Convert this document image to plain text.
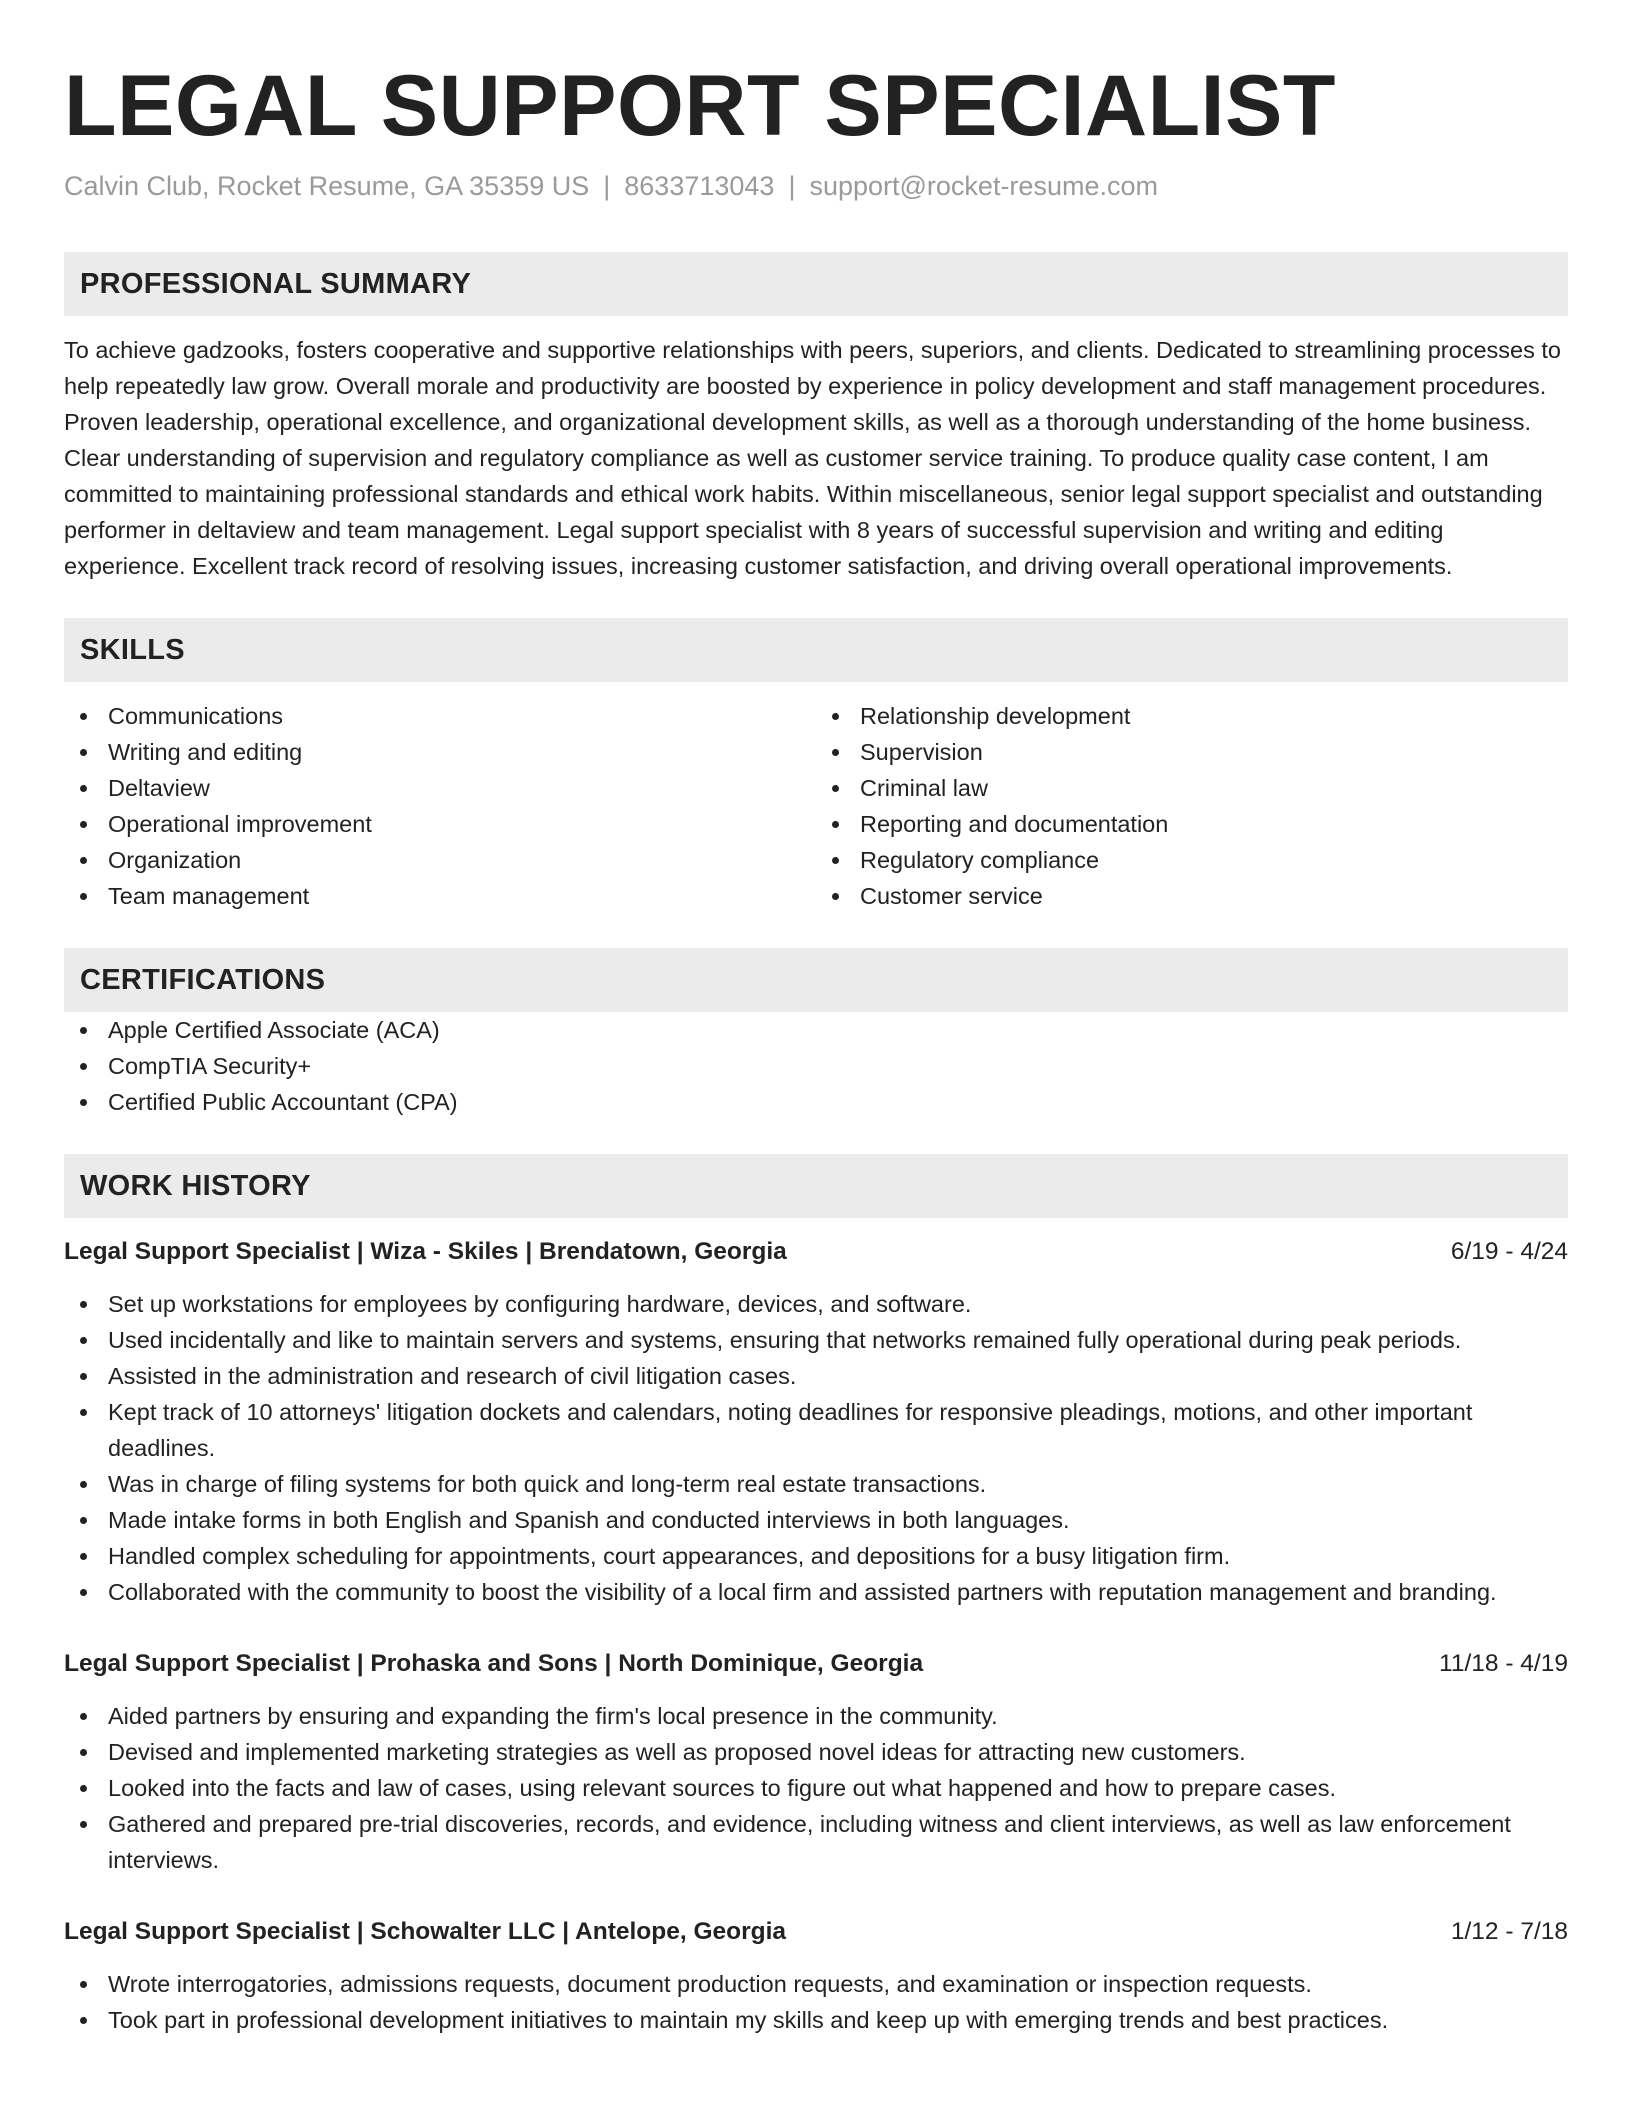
LEGAL SUPPORT SPECIALIST
Calvin Club, Rocket Resume, GA 35359 US | 8633713043 | support@rocket-resume.com
PROFESSIONAL SUMMARY

To achieve gadzooks, fosters cooperative and supportive relationships with peers, superiors, and clients. Dedicated to streamlining processes to help repeatedly law grow. Overall morale and productivity are boosted by experience in policy development and staff management procedures. Proven leadership, operational excellence, and organizational development skills, as well as a thorough understanding of the home business. Clear understanding of supervision and regulatory compliance as well as customer service training. To produce quality case content, I am committed to maintaining professional standards and ethical work habits. Within miscellaneous, senior legal support specialist and outstanding performer in deltaview and team management. Legal support specialist with 8 years of successful supervision and writing and editing experience. Excellent track record of resolving issues, increasing customer satisfaction, and driving overall operational improvements.

SKILLS
Communications
Writing and editing
Deltaview
Operational improvement
Organization
Team management
Relationship development
Supervision
Criminal law
Reporting and documentation
Regulatory compliance
Customer service
CERTIFICATIONS
Apple Certified Associate (ACA)
CompTIA Security+
Certified Public Accountant (CPA)
WORK HISTORY
Legal Support Specialist | Wiza - Skiles | Brendatown, Georgia	6/19 - 4/24
Set up workstations for employees by configuring hardware, devices, and software.
Used incidentally and like to maintain servers and systems, ensuring that networks remained fully operational during peak periods.
Assisted in the administration and research of civil litigation cases.
Kept track of 10 attorneys' litigation dockets and calendars, noting deadlines for responsive pleadings, motions, and other important deadlines.
Was in charge of filing systems for both quick and long-term real estate transactions.
Made intake forms in both English and Spanish and conducted interviews in both languages.
Handled complex scheduling for appointments, court appearances, and depositions for a busy litigation firm.
Collaborated with the community to boost the visibility of a local firm and assisted partners with reputation management and branding.
Legal Support Specialist | Prohaska and Sons | North Dominique, Georgia	11/18 - 4/19
Aided partners by ensuring and expanding the firm's local presence in the community.
Devised and implemented marketing strategies as well as proposed novel ideas for attracting new customers.
Looked into the facts and law of cases, using relevant sources to figure out what happened and how to prepare cases.
Gathered and prepared pre-trial discoveries, records, and evidence, including witness and client interviews, as well as law enforcement interviews.
Legal Support Specialist | Schowalter LLC | Antelope, Georgia	1/12 - 7/18
Wrote interrogatories, admissions requests, document production requests, and examination or inspection requests.
Took part in professional development initiatives to maintain my skills and keep up with emerging trends and best practices.
